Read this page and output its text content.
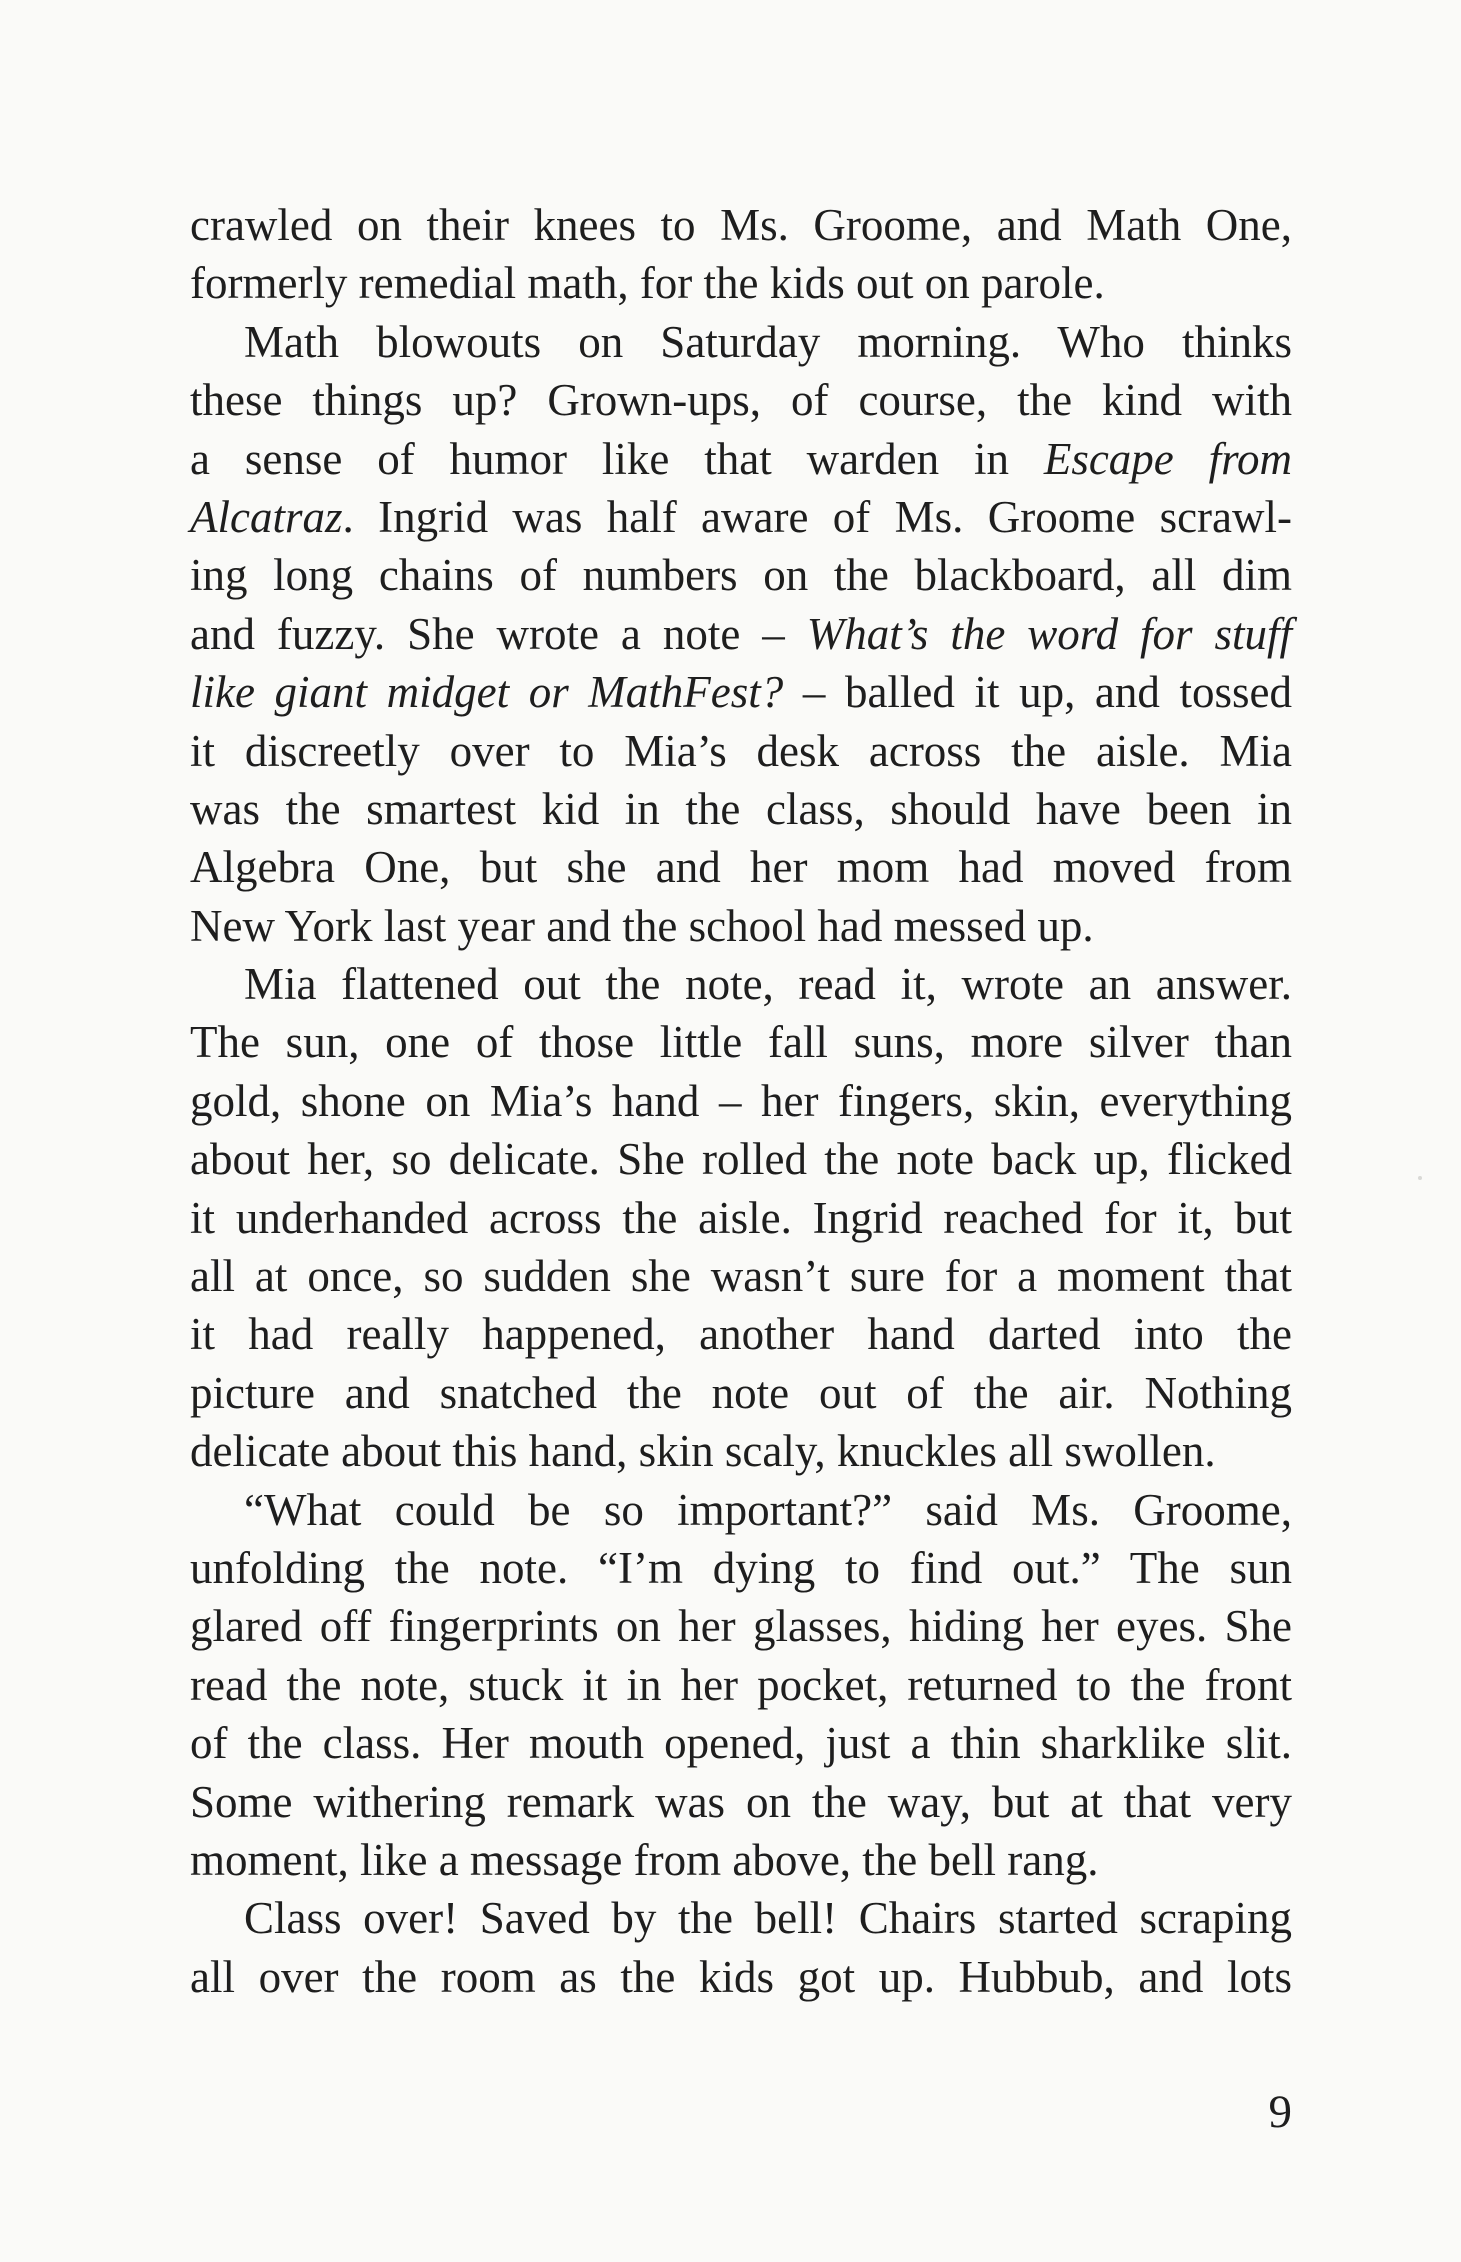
crawled on their knees to Ms. Groome, and Math One,
formerly remedial math, for the kids out on parole.
Math blowouts on Saturday morning. Who thinks
these things up? Grown-ups, of course, the kind with
a sense of humor like that warden in Escape from
Alcatraz. Ingrid was half aware of Ms. Groome scrawl-
ing long chains of numbers on the blackboard, all dim
and fuzzy. She wrote a note – What’s the word for stuff
like giant midget or MathFest? – balled it up, and tossed
it discreetly over to Mia’s desk across the aisle. Mia
was the smartest kid in the class, should have been in
Algebra One, but she and her mom had moved from
New York last year and the school had messed up.
Mia flattened out the note, read it, wrote an answer.
The sun, one of those little fall suns, more silver than
gold, shone on Mia’s hand – her fingers, skin, everything
about her, so delicate. She rolled the note back up, flicked
it underhanded across the aisle. Ingrid reached for it, but
all at once, so sudden she wasn’t sure for a moment that
it had really happened, another hand darted into the
picture and snatched the note out of the air. Nothing
delicate about this hand, skin scaly, knuckles all swollen.
“What could be so important?” said Ms. Groome,
unfolding the note. “I’m dying to find out.” The sun
glared off fingerprints on her glasses, hiding her eyes. She
read the note, stuck it in her pocket, returned to the front
of the class. Her mouth opened, just a thin sharklike slit.
Some withering remark was on the way, but at that very
moment, like a message from above, the bell rang.
Class over! Saved by the bell! Chairs started scraping
all over the room as the kids got up. Hubbub, and lots
9
